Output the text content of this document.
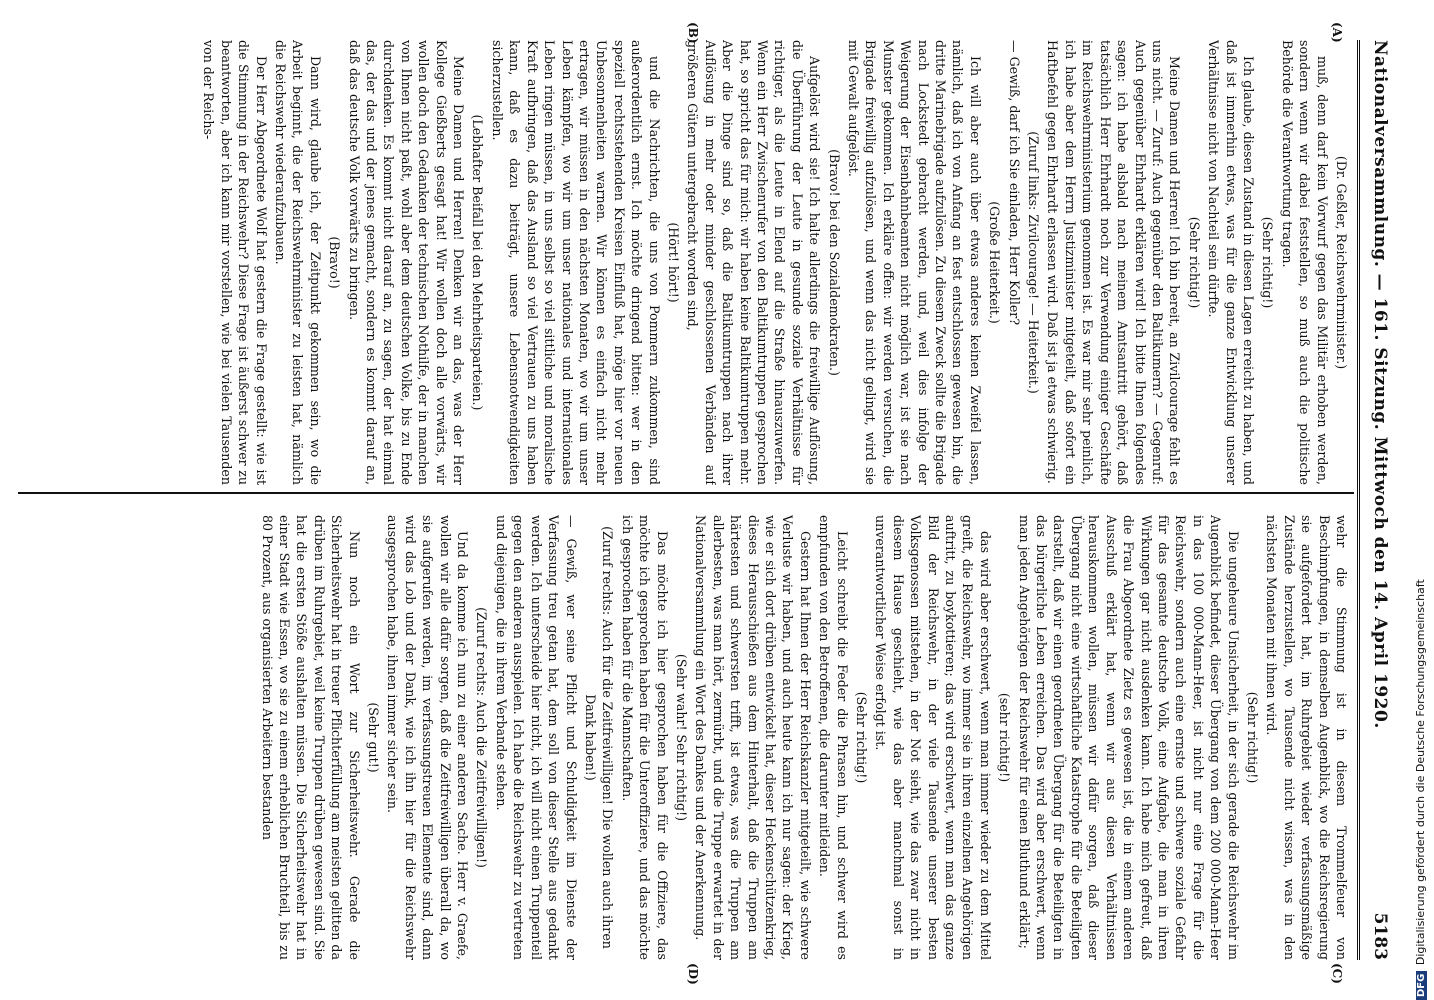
Nationalversammlung. — 161. Sitzung. Mittwoch den 14. April 1920.
5183
(A)
(B)
(C)
(D)

(Dr. Geßler, Reichswehrminister.)

muß, denn darf kein Vorwurf gegen das Militär erhoben werden, sondern wenn wir dabei feststellen, so muß auch die politische Behörde die Verantwortung tragen.

(Sehr richtig!)

Ich glaube, diesen Zustand in diesen Lagen erreicht zu haben, und daß ist immerhin etwas, was für die ganze Entwicklung unserer Verhältnisse nicht von Nachteil sein dürfte.

(Sehr richtig!)

Meine Damen und Herren! Ich bin bereit, an Zivilcourage fehlt es uns nicht. — Zuruf: Auch gegenüber den Baltikumern? — Gegenruf: Auch gegenüber Ehrhardt erklären wird! Ich bitte Ihnen folgendes sagen: ich habe alsbald nach meinem Amtsantritt gehört, daß tatsächlich Herr Ehrhardt noch zur Verwendung einiger Geschäfte im Reichswehrministerium genommen ist. Es war mir sehr peinlich, ich habe aber dem Herrn Justizminister mitgeteilt, daß sofort ein Haftbefehl gegen Ehrhardt erlassen wird. Daß ist ja etwas schwierig.

(Zuruf links: Zivilcourage! — Heiterkeit.)

— Gewiß, darf ich Sie einladen, Herr Koller?

(Große Heiterkeit.)

Ich will aber auch über etwas anderes keinen Zweifel lassen, nämlich, daß ich von Anfang an fest entschlossen gewesen bin, die dritte Marinebrigade aufzulösen. Zu diesem Zweck sollte die Brigade nach Lockstedt gebracht werden, und, weil dies infolge der Weigerung der Eisenbahnbeamten nicht möglich war, ist sie nach Munster gekommen. Ich erkläre offen: wir werden versuchen, die Brigade freiwillig aufzulösen, und wenn das nicht gelingt, wird sie mit Gewalt aufgelöst.

(Bravo! bei den Sozialdemokraten.)

Aufgelöst wird sie! Ich halte allerdings die freiwillige Auflösung, die Überführung der Leute in gesunde soziale Verhältnisse für richtiger, als die Leute in Elend auf die Straße hinauszuwerfen. Wenn ein Herr Zwischenrufer von den Baltikumtruppen gesprochen hat, so spricht das für mich: wir haben keine Baltikumtruppen mehr. Aber die Dinge sind so, daß die Baltikumtruppen nach ihrer Auflösung in mehr oder minder geschlossenen Verbänden auf größeren Gütern untergebracht worden sind,

(Hört! hört!)

und die Nachrichten, die uns von Pommern zukommen, sind außerordentlich ernst. Ich möchte dringend bitten: wer in den speziell rechtsstehenden Kreisen Einfluß hat, möge hier vor neuen Unbesonnenheiten warnen. Wir können es einfach nicht mehr ertragen, wir müssen in den nächsten Monaten, wo wir um unser Leben kämpfen, wo wir um unser nationales und internationales Leben ringen müssen, in uns selbst so viel sittliche und moralische Kraft aufbringen, daß das Ausland so viel Vertrauen zu uns haben kann, daß es dazu beiträgt, unsere Lebensnotwendigkeiten sicherzustellen.

(Lebhafter Beifall bei den Mehrheitsparteien.)

Meine Damen und Herren! Denken wir an das, was der Herr Kollege Gießberts gesagt hat! Wir wollen doch alle vorwärts, wir wollen doch den Gedanken der technischen Nothilfe, der in manchen von Ihnen nicht paßt, wohl aber dem deutschen Volke, bis zu Ende durchdenken. Es kommt nicht darauf an, zu sagen, der hat einmal das, der das und der jenes gemacht, sondern es kommt darauf an, daß das deutsche Volk vorwärts zu bringen.

(Bravo!)

Dann wird, glaube ich, der Zeitpunkt gekommen sein, wo die Arbeit beginnt, die der Reichswehrminister zu leisten hat, nämlich die Reichswehr wiederaufzubauen.

Der Herr Abgeordnete Wolf hat gestern die Frage gestellt: wie ist die Stimmung in der Reichswehr? Diese Frage ist äußerst schwer zu beantworten, aber ich kann mir vorstellen, wie bei vielen Tausenden von der Reichs-

wehr die Stimmung ist in diesem Trommelfeuer von Beschimpfungen, in demselben Augenblick, wo die Reichsregierung sie aufgefordert hat, im Ruhrgebiet wieder verfassungsmäßige Zustände herzustellen, wo Tausende nicht wissen, was in den nächsten Monaten mit ihnen wird.

(Sehr richtig!)

Die ungeheure Unsicherheit, in der sich gerade die Reichswehr im Augenblick befindet, dieser Übergang von dem 200 000-Mann-Heer in das 100 000-Mann-Heer, ist nicht nur eine Frage für die Reichswehr, sondern auch eine ernste und schwere soziale Gefahr für das gesamte deutsche Volk, eine Aufgabe, die man in ihren Wirkungen gar nicht ausdenken kann. Ich habe mich gefreut, daß die Frau Abgeordnete Zietz es gewesen ist, die in einem anderen Ausschuß erklärt hat, wenn wir aus diesen Verhältnissen herauskommen wollen, müssen wir dafür sorgen, daß dieser Übergang nicht eine wirtschaftliche Katastrophe für die Beteiligten darstellt, daß wir einen geordneten Übergang für die Beteiligten in das bürgerliche Leben erreichen. Das wird aber erschwert, wenn man jeden Angehörigen der Reichswehr für einen Bluthund erklärt;

(sehr richtig!)

das wird aber erschwert, wenn man immer wieder zu dem Mittel greift, die Reichswehr, wo immer sie in ihren einzelnen Angehörigen auftritt, zu boykottieren; das wird erschwert, wenn man das ganze Bild der Reichswehr, in der viele Tausende unserer besten Volksgenossen mitstehen, in der Not sieht, wie das zwar nicht in diesem Hause geschieht, wie das aber manchmal sonst in unverantwortlicher Weise erfolgt ist.

(Sehr richtig!)

Leicht schreibt die Feder die Phrasen hin, und schwer wird es empfunden von den Betroffenen, die darunter mitleiden.

Gestern hat Ihnen der Herr Reichskanzler mitgeteilt, wie schwere Verluste wir haben, und auch heute kann ich nur sagen: der Krieg, wie er sich dort drüben entwickelt hat, dieser Heckenschützenkrieg, dieses Herausschießen aus dem Hinterhalt, daß die Truppen am härtesten und schwersten trifft, ist etwas, was die Truppen am allerbesten, was man hört, zermürbt, und die Truppe erwartet in der Nationalversammlung ein Wort des Dankes und der Anerkennung.

(Sehr wahr! Sehr richtig!)

Das möchte ich hier gesprochen haben für die Offiziere, das möchte ich gesprochen haben für die Unteroffiziere, und das möchte ich gesprochen haben für die Mannschaften.

(Zuruf rechts: Auch für die Zeitfreiwilligen! Die wollen auch ihren Dank haben!)

— Gewiß, wer seine Pflicht und Schuldigkeit im Dienste der Verfassung treu getan hat, dem soll von dieser Stelle aus gedankt werden. Ich unterscheide hier nicht, ich will nicht einen Truppenteil gegen den anderen ausspielen. Ich habe die Reichswehr zu vertreten und diejenigen, die in ihrem Verbande stehen.

(Zuruf rechts: Auch die Zeitfreiwilligen!)

Und da komme ich nun zu einer anderen Sache. Herr v. Graefe, wollen wir alle dafür sorgen, daß die Zeitfreiwilligen überall da, wo sie aufgerufen werden, im verfassungstreuen Elemente sind, dann wird das Lob und der Dank, wie ich ihn hier für die Reichswehr ausgesprochen habe, ihnen immer sicher sein.

(Sehr gut!)

Nun noch ein Wort zur Sicherheitswehr. Gerade die Sicherheitswehr hat in treuer Pflichterfüllung am meisten gelitten da drüben im Ruhrgebiet, weil keine Truppen drüben gewesen sind. Sie hat die ersten Stöße aushalten müssen. Die Sicherheitswehr hat in einer Stadt wie Essen, wo sie zu einem erheblichen Bruchteil, bis zu 80 Prozent, aus organisierten Arbeitern bestanden

DFG Digitalisierung gefördert durch die Deutsche Forschungsgemeinschaft
